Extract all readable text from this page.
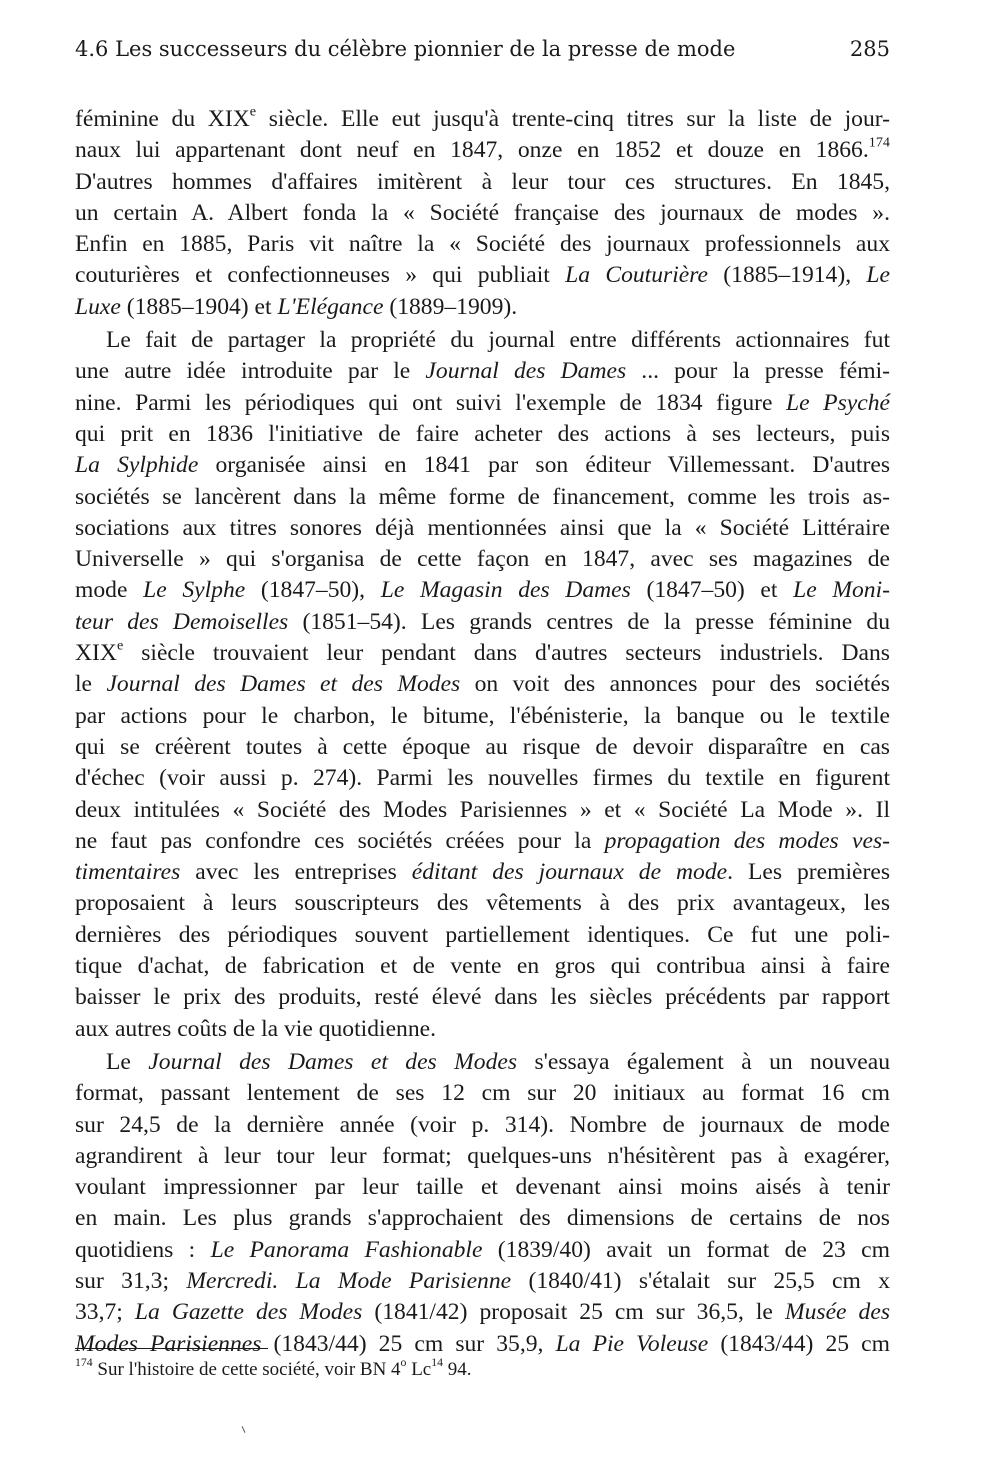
4.6 Les successeurs du célèbre pionnier de la presse de mode	285
féminine du XIXe siècle. Elle eut jusqu'à trente-cinq titres sur la liste de jour-
naux lui appartenant dont neuf en 1847, onze en 1852 et douze en 1866.$^{174}$
D'autres hommes d'affaires imitèrent à leur tour ces structures. En 1845,
un certain A. Albert fonda la « Société française des journaux de modes ».
Enfin en 1885, Paris vit naître la « Société des journaux professionnels aux
couturières et confectionneuses » qui publiait La Couturière (1885–1914), Le
Luxe (1885–1904) et L'Elégance (1889–1909).
Le fait de partager la propriété du journal entre différents actionnaires fut
une autre idée introduite par le Journal des Dames ... pour la presse fémi-
nine. Parmi les périodiques qui ont suivi l'exemple de 1834 figure Le Psyché
qui prit en 1836 l'initiative de faire acheter des actions à ses lecteurs, puis
La Sylphide organisée ainsi en 1841 par son éditeur Villemessant. D'autres
sociétés se lancèrent dans la même forme de financement, comme les trois as-
sociations aux titres sonores déjà mentionnées ainsi que la « Société Littéraire
Universelle » qui s'organisa de cette façon en 1847, avec ses magazines de
mode Le Sylphe (1847–50), Le Magasin des Dames (1847–50) et Le Moni-
teur des Demoiselles (1851–54). Les grands centres de la presse féminine du
XIXe siècle trouvaient leur pendant dans d'autres secteurs industriels. Dans
le Journal des Dames et des Modes on voit des annonces pour des sociétés
par actions pour le charbon, le bitume, l'ébénisterie, la banque ou le textile
qui se créèrent toutes à cette époque au risque de devoir disparaître en cas
d'échec (voir aussi p. 274). Parmi les nouvelles firmes du textile en figurent
deux intitulées « Société des Modes Parisiennes » et « Société La Mode ». Il
ne faut pas confondre ces sociétés créées pour la propagation des modes ves-
timentaires avec les entreprises éditant des journaux de mode. Les premières
proposaient à leurs souscripteurs des vêtements à des prix avantageux, les
dernières des périodiques souvent partiellement identiques. Ce fut une poli-
tique d'achat, de fabrication et de vente en gros qui contribua ainsi à faire
baisser le prix des produits, resté élevé dans les siècles précédents par rapport
aux autres coûts de la vie quotidienne.
Le Journal des Dames et des Modes s'essaya également à un nouveau
format, passant lentement de ses 12 cm sur 20 initiaux au format 16 cm
sur 24,5 de la dernière année (voir p. 314). Nombre de journaux de mode
agrandirent à leur tour leur format; quelques-uns n'hésitèrent pas à exagérer,
voulant impressionner par leur taille et devenant ainsi moins aisés à tenir
en main. Les plus grands s'approchaient des dimensions de certains de nos
quotidiens : Le Panorama Fashionable (1839/40) avait un format de 23 cm
sur 31,3; Mercredi. La Mode Parisienne (1840/41) s'étalait sur 25,5 cm x
33,7; La Gazette des Modes (1841/42) proposait 25 cm sur 36,5, le Musée des
Modes Parisiennes (1843/44) 25 cm sur 35,9, La Pie Voleuse (1843/44) 25 cm
$^{174}$ Sur l'histoire de cette société, voir BN 4$^o$ Lc$^{14}$ 94.
